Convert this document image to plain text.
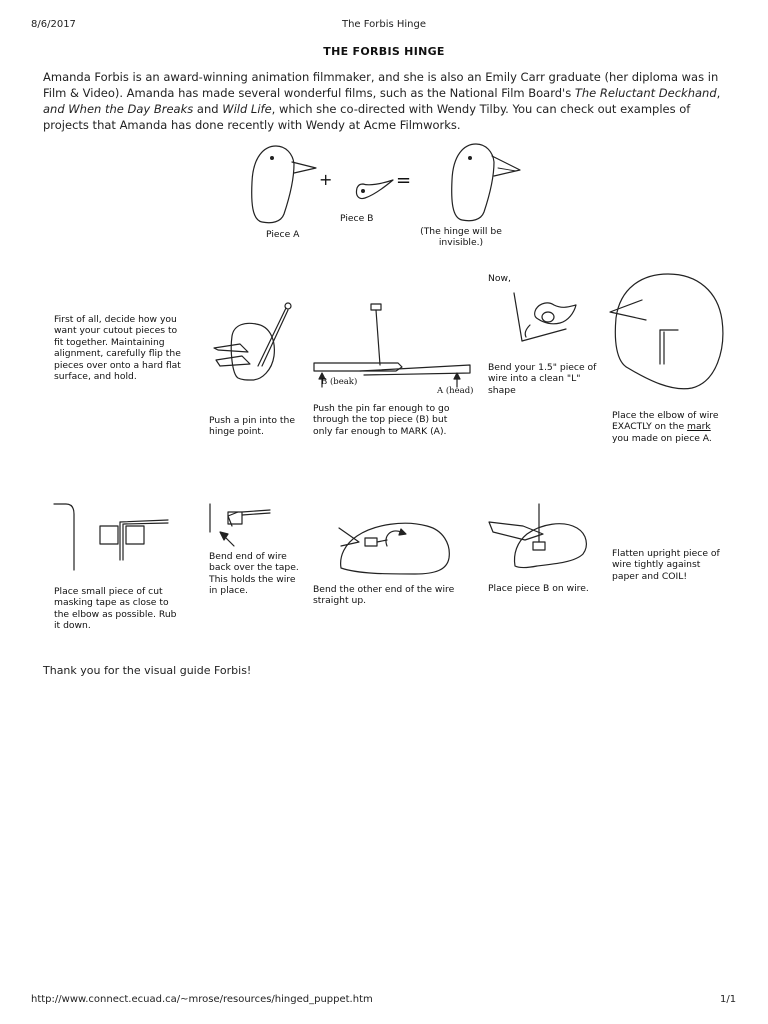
8/6/2017	The Forbis Hinge
THE FORBIS HINGE
Amanda Forbis is an award-winning animation filmmaker, and she is also an Emily Carr graduate (her diploma was in Film & Video). Amanda has made several wonderful films, such as the National Film Board's The Reluctant Deckhand, and When the Day Breaks and Wild Life, which she co-directed with Wendy Tilby. You can check out examples of projects that Amanda has done recently with Wendy at Acme Filmworks.
+	=
Piece A
Piece B
(The hinge will be invisible.)
First of all, decide how you want your cutout pieces to fit together. Maintaining alignment, carefully flip the pieces over onto a hard flat surface, and hold.
Push a pin into the hinge point.
B (beak)
A (head)
Push the pin far enough to go through the top piece (B) but only far enough to MARK (A).
Now,
Bend your 1.5" piece of wire into a clean "L" shape
Place the elbow of wire EXACTLY on the mark you made on piece A.
Place small piece of cut masking tape as close to the elbow as possible. Rub it down.
Bend end of wire back over the tape. This holds the wire in place.	Bend the other end of the wire straight up.
Place piece B on wire.
Flatten upright piece of wire tightly against paper and COIL!
Thank you for the visual guide Forbis!
http://www.connect.ecuad.ca/~mrose/resources/hinged_puppet.htm	1/1
